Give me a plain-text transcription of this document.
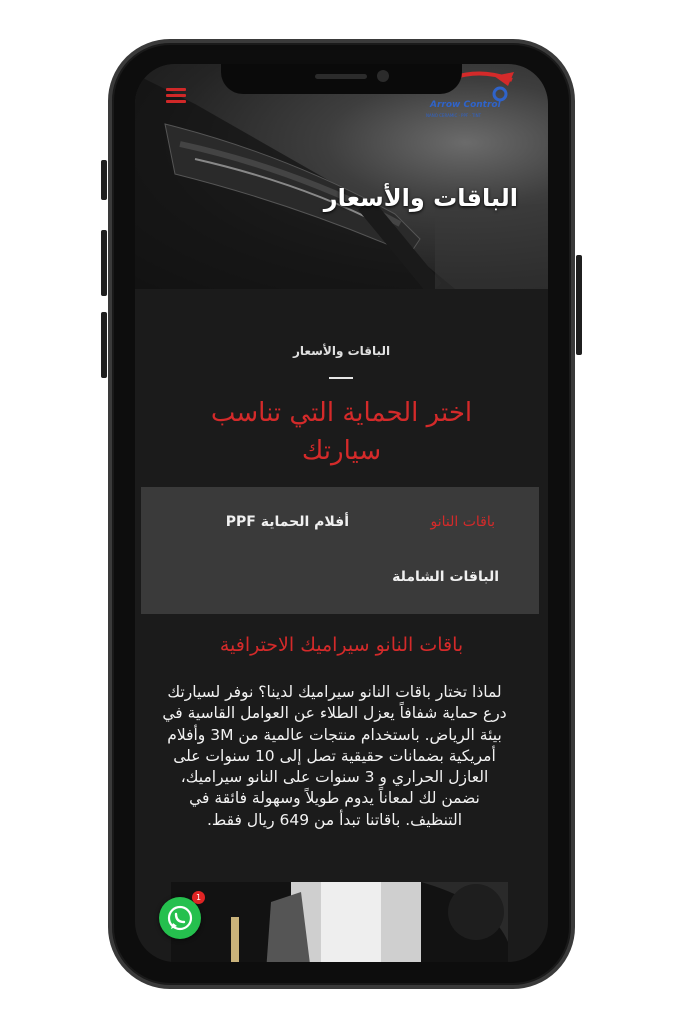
Arrow Control
NANO CERAMIC · PPF · TINT
الباقات والأسعار
الباقات والأسعار
اختر الحماية التي تناسب
سيارتك
باقات النانو
أفلام الحماية PPF
الباقات الشاملة
باقات النانو سيراميك الاحترافية
لماذا تختار باقات النانو سيراميك لدينا؟ نوفر لسيارتك درع حماية شفافاً يعزل الطلاء عن العوامل القاسية في بيئة الرياض. باستخدام منتجات عالمية من 3M وأفلام أمريكية بضمانات حقيقية تصل إلى 10 سنوات على العازل الحراري و 3 سنوات على النانو سيراميك، نضمن لك لمعاناً يدوم طويلاً وسهولة فائقة في التنظيف. باقاتنا تبدأ من 649 ريال فقط.
1
